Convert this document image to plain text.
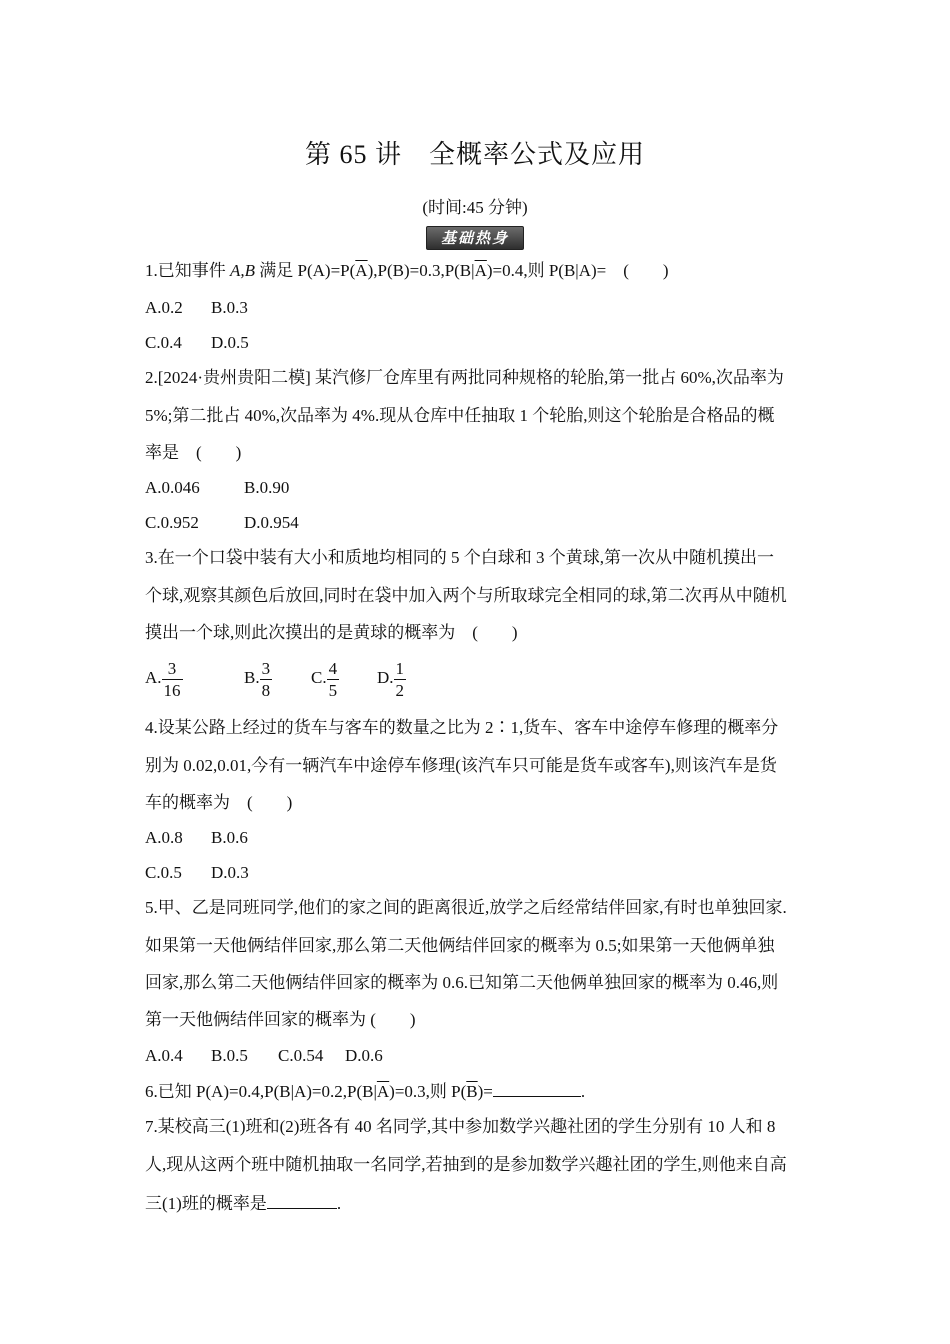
第 65 讲　全概率公式及应用
(时间:45 分钟)
基础热身
1.已知事件 A,B 满足 $P(A)=P(\overline{A}),P(B)=0.3,P(B|\overline{A})=0.4$,则 P(B|A)=　(　　)
A.0.2 B.0.3
C.0.4 D.0.5
2.[2024·贵州贵阳二模] 某汽修厂仓库里有两批同种规格的轮胎,第一批占 60%,次品率为
5%;第二批占 40%,次品率为 4%.现从仓库中任抽取 1 个轮胎,则这个轮胎是合格品的概
率是　(　　)
A.0.046	B.0.90
C.0.952	D.0.954
3.在一个口袋中装有大小和质地均相同的 5 个白球和 3 个黄球,第一次从中随机摸出一
个球,观察其颜色后放回,同时在袋中加入两个与所取球完全相同的球,第二次再从中随机
摸出一个球,则此次摸出的是黄球的概率为　(　　)
A. $\frac{3}{16}$	B. $\frac{3}{8} C$. $\frac{4}{5} D$. $\frac{1}{2}$
4.设某公路上经过的货车与客车的数量之比为 2∶1,货车、客车中途停车修理的概率分
别为 0.02,0.01,今有一辆汽车中途停车修理(该汽车只可能是货车或客车),则该汽车是货
车的概率为　(　　)
A.0.8 B.0.6
C.0.5 D.0.3
5.甲、乙是同班同学,他们的家之间的距离很近,放学之后经常结伴回家,有时也单独回家.
如果第一天他俩结伴回家,那么第二天他俩结伴回家的概率为 0.5;如果第一天他俩单独
回家,那么第二天他俩结伴回家的概率为 0.6.已知第二天他俩单独回家的概率为 0.46,则
第一天他俩结伴回家的概率为 (　　)
A.0.4 B.0.5 C.0.54 D.0.6
6.已知 $P(A)=0.4,P(B|A)=0.2,P(B|\overline{A})=0.3$,则 $P(\overline{B})=$	.
7.某校高三(1)班和(2)班各有 40 名同学,其中参加数学兴趣社团的学生分别有 10 人和 8
人,现从这两个班中随机抽取一名同学,若抽到的是参加数学兴趣社团的学生,则他来自高
三(1)班的概率是	.
